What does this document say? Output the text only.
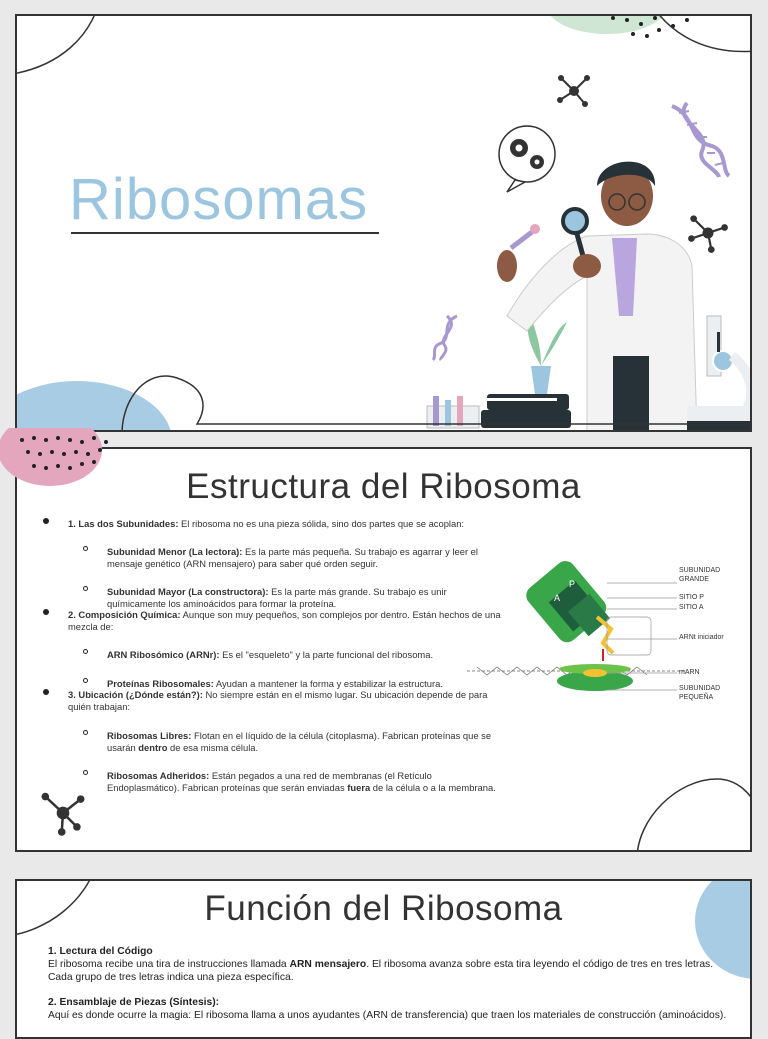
Ribosomas
Estructura del Ribosoma
1. Las dos Subunidades: El ribosoma no es una pieza sólida, sino dos partes que se acoplan:
Subunidad Menor (La lectora): Es la parte más pequeña. Su trabajo es agarrar y leer el mensaje genético (ARN mensajero) para saber qué orden seguir.
Subunidad Mayor (La constructora): Es la parte más grande. Su trabajo es unir químicamente los aminoácidos para formar la proteína.
2. Composición Química: Aunque son muy pequeños, son complejos por dentro. Están hechos de una mezcla de:
ARN Ribosómico (ARNr): Es el "esqueleto" y la parte funcional del ribosoma.
Proteínas Ribosomales: Ayudan a mantener la forma y estabilizar la estructura.
3. Ubicación (¿Dónde están?): No siempre están en el mismo lugar. Su ubicación depende de para quién trabajan:
Ribosomas Libres: Flotan en el líquido de la célula (citoplasma). Fabrican proteínas que se usarán dentro de esa misma célula.
Ribosomas Adheridos: Están pegados a una red de membranas (el Retículo Endoplasmático). Fabrican proteínas que serán enviadas fuera de la célula o a la membrana.
A
P
SUBUNIDAD GRANDE
SITIO P
SITIO A
ARNt iniciador
mARN
SUBUNIDAD PEQUEÑA
Función del Ribosoma
1. Lectura del Código
El ribosoma recibe una tira de instrucciones llamada ARN mensajero. El ribosoma avanza sobre esta tira leyendo el código de tres en tres letras. Cada grupo de tres letras indica una pieza específica.
2. Ensamblaje de Piezas (Síntesis):
Aquí es donde ocurre la magia: El ribosoma llama a unos ayudantes (ARN de transferencia) que traen los materiales de construcción (aminoácidos).
